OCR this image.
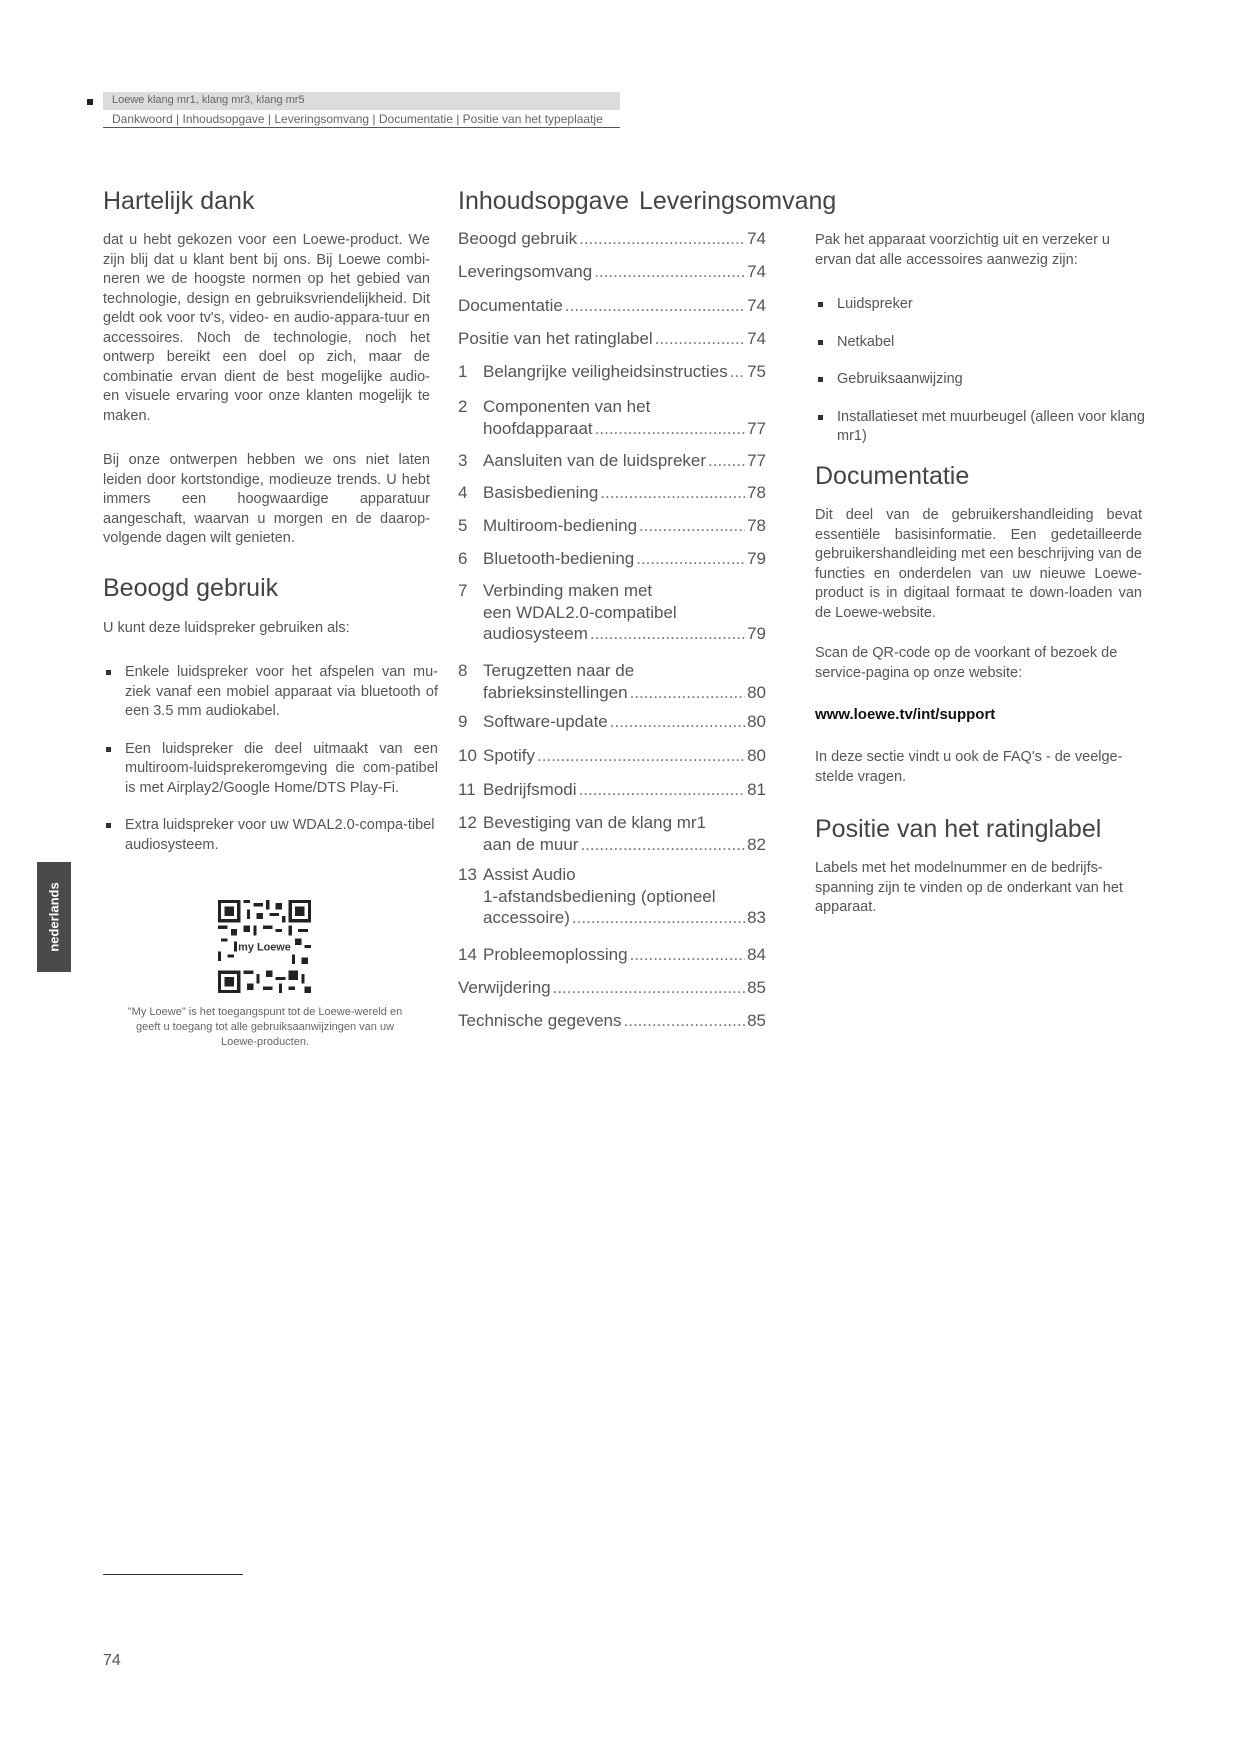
Loewe klang mr1, klang mr3, klang mr5
Dankwoord | Inhoudsopgave | Leveringsomvang | Documentatie | Positie van het typeplaatje
Hartelijk dank

dat u hebt gekozen voor een Loewe-product. We zijn blij dat u klant bent bij ons. Bij Loewe combi-neren we de hoogste normen op het gebied van technologie, design en gebruiksvriendelijkheid. Dit geldt ook voor tv's, video- en audio-appara-tuur en accessoires. Noch de technologie, noch het ontwerp bereikt een doel op zich, maar de combinatie ervan dient de best mogelijke audio- en visuele ervaring voor onze klanten mogelijk te maken.

Bij onze ontwerpen hebben we ons niet laten leiden door kortstondige, modieuze trends. U hebt immers een hoogwaardige apparatuur aangeschaft, waarvan u morgen en de daarop-volgende dagen wilt genieten.

Beoogd gebruik

U kunt deze luidspreker gebruiken als:

Enkele luidspreker voor het afspelen van mu-ziek vanaf een mobiel apparaat via bluetooth of een 3.5 mm audiokabel.
Een luidspreker die deel uitmaakt van een multiroom-luidsprekeromgeving die com-patibel is met Airplay2/Google Home/DTS Play-Fi.
Extra luidspreker voor uw WDAL2.0-compa-tibel audiosysteem.
my Loewe
"My Loewe" is het toegangspunt tot de Loewe-wereld en geeft u toegang tot alle gebruiksaanwijzingen van uw Loewe-producten.
Inhoudsopgave
Beoogd gebruik .....	74
Leveringsomvang .....	74
Documentatie .....	74
Positie van het ratinglabel .....	74
1 Belangrijke veiligheidsinstructies ..... 75
2 Componenten van het
hoofdapparaat .....	77
3 Aansluiten van de luidspreker ..... 77
4 Basisbediening .....	78
5 Multiroom-bediening .....	78
6 Bluetooth-bediening .....	79
7 Verbinding maken met
een WDAL2.0-compatibel
audiosysteem .....	79
8 Terugzetten naar de
fabrieksinstellingen .....	80
9 Software-update .....	80
10 Spotify .....	80
11 Bedrijfsmodi .....	81
12 Bevestiging van de klang mr1
aan de muur .....	82
13 Assist Audio
1-afstandsbediening (optioneel
accessoire) .....	83
14 Probleemoplossing .....	84
Verwijdering .....	85
Technische gegevens .....	85
Leveringsomvang

Pak het apparaat voorzichtig uit en verzeker u ervan dat alle accessoires aanwezig zijn:

Luidspreker
Netkabel
Gebruiksaanwijzing
Installatieset met muurbeugel (alleen voor klang mr1)
Documentatie

Dit deel van de gebruikershandleiding bevat essentiële basisinformatie. Een gedetailleerde gebruikershandleiding met een beschrijving van de functies en onderdelen van uw nieuwe Loewe-product is in digitaal formaat te down-loaden van de Loewe-website.

Scan de QR-code op de voorkant of bezoek de service-pagina op onze website:

www.loewe.tv/int/support

In deze sectie vindt u ook de FAQ's - de veelge-stelde vragen.

Positie van het ratinglabel

Labels met het modelnummer en de bedrijfs-spanning zijn te vinden op de onderkant van het apparaat.

nederlands
74
